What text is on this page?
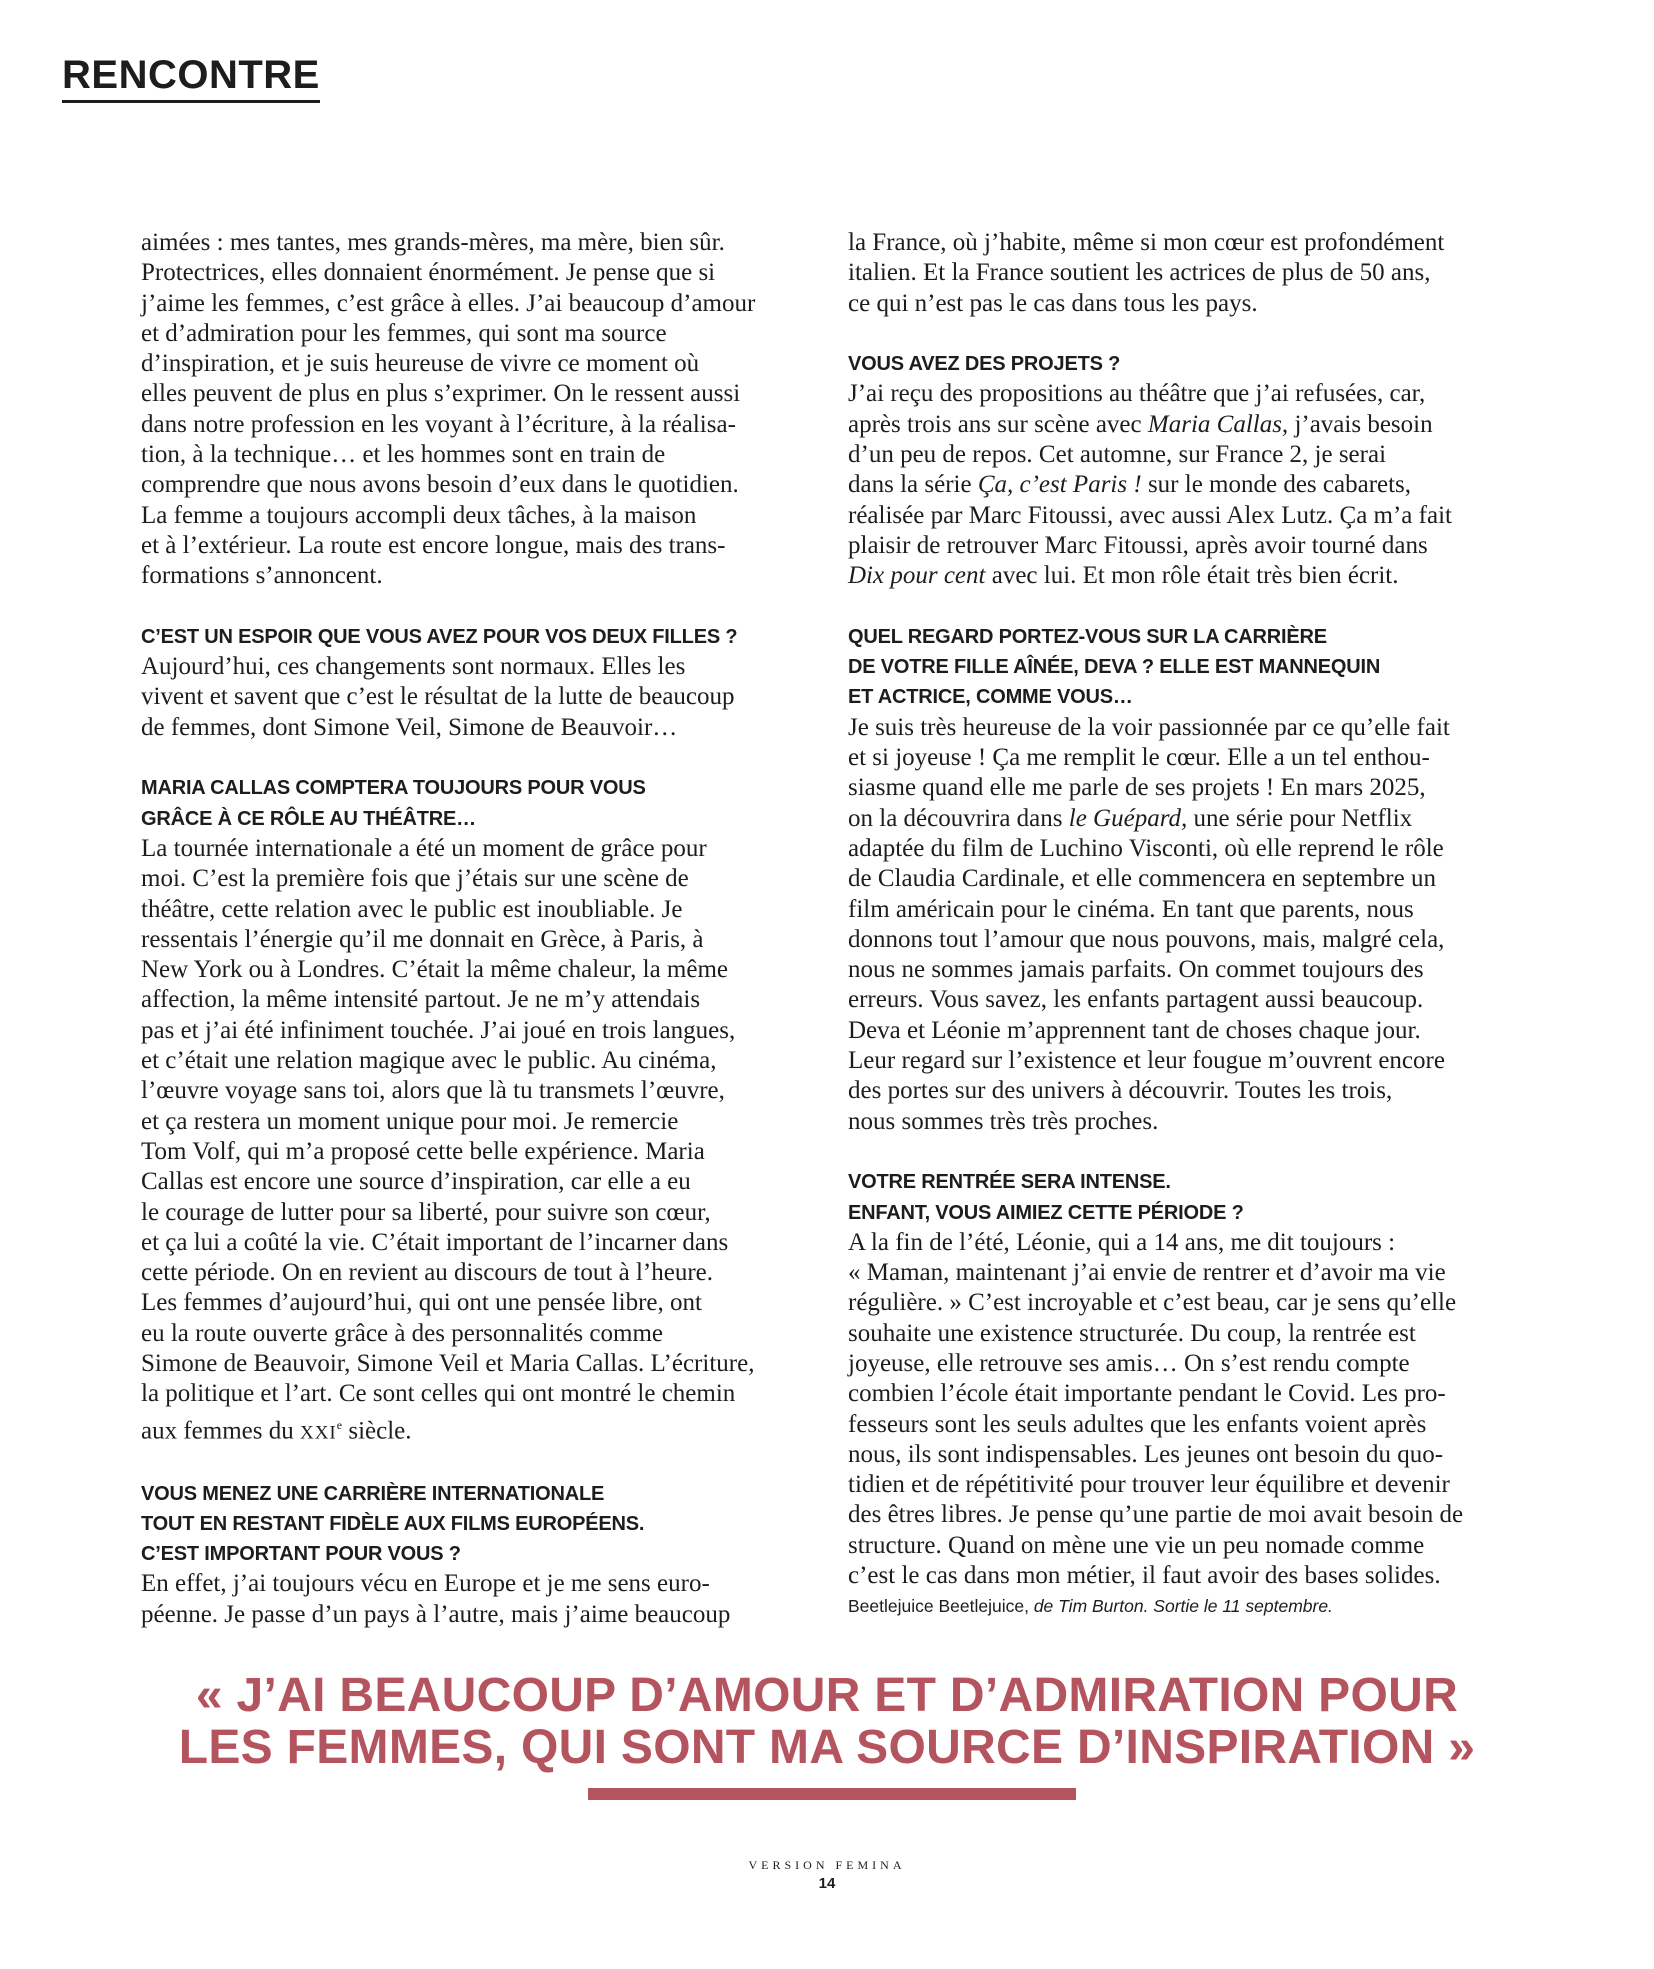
RENCONTRE
aimées : mes tantes, mes grands-mères, ma mère, bien sûr.
Protectrices, elles donnaient énormément. Je pense que si
j’aime les femmes, c’est grâce à elles. J’ai beaucoup d’amour
et d’admiration pour les femmes, qui sont ma source
d’inspiration, et je suis heureuse de vivre ce moment où
elles peuvent de plus en plus s’exprimer. On le ressent aussi
dans notre profession en les voyant à l’écriture, à la réalisa-
tion, à la technique… et les hommes sont en train de
comprendre que nous avons besoin d’eux dans le quotidien.
La femme a toujours accompli deux tâches, à la maison
et à l’extérieur. La route est encore longue, mais des trans-
formations s’annoncent.
C’EST UN ESPOIR QUE VOUS AVEZ POUR VOS DEUX FILLES ?
Aujourd’hui, ces changements sont normaux. Elles les
vivent et savent que c’est le résultat de la lutte de beaucoup
de femmes, dont Simone Veil, Simone de Beauvoir…
MARIA CALLAS COMPTERA TOUJOURS POUR VOUS
GRÂCE À CE RÔLE AU THÉÂTRE…
La tournée internationale a été un moment de grâce pour
moi. C’est la première fois que j’étais sur une scène de
théâtre, cette relation avec le public est inoubliable. Je
ressentais l’énergie qu’il me donnait en Grèce, à Paris, à
New York ou à Londres. C’était la même chaleur, la même
affection, la même intensité partout. Je ne m’y attendais
pas et j’ai été infiniment touchée. J’ai joué en trois langues,
et c’était une relation magique avec le public. Au cinéma,
l’œuvre voyage sans toi, alors que là tu transmets l’œuvre,
et ça restera un moment unique pour moi. Je remercie
Tom Volf, qui m’a proposé cette belle expérience. Maria
Callas est encore une source d’inspiration, car elle a eu
le courage de lutter pour sa liberté, pour suivre son cœur,
et ça lui a coûté la vie. C’était important de l’incarner dans
cette période. On en revient au discours de tout à l’heure.
Les femmes d’aujourd’hui, qui ont une pensée libre, ont
eu la route ouverte grâce à des personnalités comme
Simone de Beauvoir, Simone Veil et Maria Callas. L’écriture,
la politique et l’art. Ce sont celles qui ont montré le chemin
aux femmes du XXIe siècle.
VOUS MENEZ UNE CARRIÈRE INTERNATIONALE
TOUT EN RESTANT FIDÈLE AUX FILMS EUROPÉENS.
C’EST IMPORTANT POUR VOUS ?
En effet, j’ai toujours vécu en Europe et je me sens euro-
péenne. Je passe d’un pays à l’autre, mais j’aime beaucoup
la France, où j’habite, même si mon cœur est profondément
italien. Et la France soutient les actrices de plus de 50 ans,
ce qui n’est pas le cas dans tous les pays.
VOUS AVEZ DES PROJETS ?
J’ai reçu des propositions au théâtre que j’ai refusées, car,
après trois ans sur scène avec Maria Callas, j’avais besoin
d’un peu de repos. Cet automne, sur France 2, je serai
dans la série Ça, c’est Paris ! sur le monde des cabarets,
réalisée par Marc Fitoussi, avec aussi Alex Lutz. Ça m’a fait
plaisir de retrouver Marc Fitoussi, après avoir tourné dans
Dix pour cent avec lui. Et mon rôle était très bien écrit.
QUEL REGARD PORTEZ-VOUS SUR LA CARRIÈRE
DE VOTRE FILLE AÎNÉE, DEVA ? ELLE EST MANNEQUIN
ET ACTRICE, COMME VOUS…
Je suis très heureuse de la voir passionnée par ce qu’elle fait
et si joyeuse ! Ça me remplit le cœur. Elle a un tel enthou-
siasme quand elle me parle de ses projets ! En mars 2025,
on la découvrira dans le Guépard, une série pour Netflix
adaptée du film de Luchino Visconti, où elle reprend le rôle
de Claudia Cardinale, et elle commencera en septembre un
film américain pour le cinéma. En tant que parents, nous
donnons tout l’amour que nous pouvons, mais, malgré cela,
nous ne sommes jamais parfaits. On commet toujours des
erreurs. Vous savez, les enfants partagent aussi beaucoup.
Deva et Léonie m’apprennent tant de choses chaque jour.
Leur regard sur l’existence et leur fougue m’ouvrent encore
des portes sur des univers à découvrir. Toutes les trois,
nous sommes très très proches.
VOTRE RENTRÉE SERA INTENSE.
ENFANT, VOUS AIMIEZ CETTE PÉRIODE ?
A la fin de l’été, Léonie, qui a 14 ans, me dit toujours :
« Maman, maintenant j’ai envie de rentrer et d’avoir ma vie
régulière. » C’est incroyable et c’est beau, car je sens qu’elle
souhaite une existence structurée. Du coup, la rentrée est
joyeuse, elle retrouve ses amis… On s’est rendu compte
combien l’école était importante pendant le Covid. Les pro-
fesseurs sont les seuls adultes que les enfants voient après
nous, ils sont indispensables. Les jeunes ont besoin du quo-
tidien et de répétitivité pour trouver leur équilibre et devenir
des êtres libres. Je pense qu’une partie de moi avait besoin de
structure. Quand on mène une vie un peu nomade comme
c’est le cas dans mon métier, il faut avoir des bases solides.
Beetlejuice Beetlejuice, de Tim Burton. Sortie le 11 septembre.
« J’AI BEAUCOUP D’AMOUR ET D’ADMIRATION POUR
LES FEMMES, QUI SONT MA SOURCE D’INSPIRATION »
VERSION FEMINA
14
